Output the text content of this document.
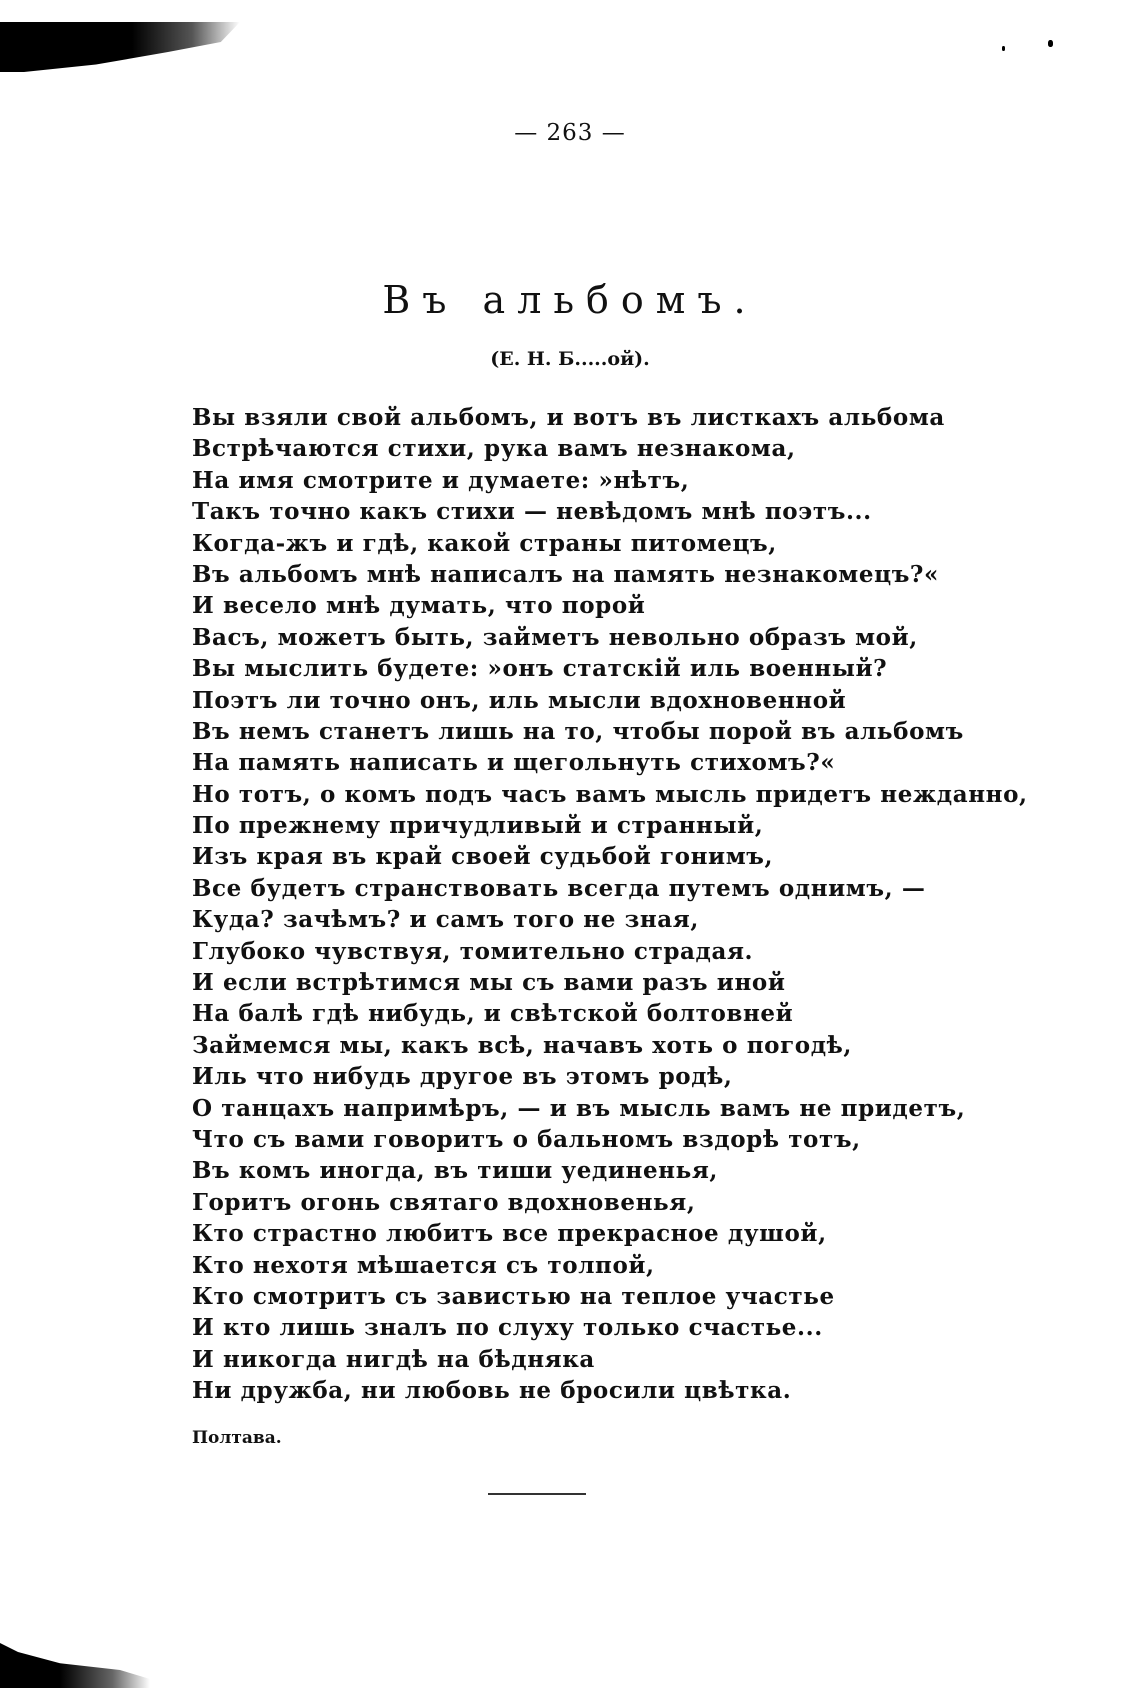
— 263 —
Въ альбомъ.
(Е. Н. Б.....ой).
Вы взяли свой альбомъ, и вотъ въ листкахъ альбома
Встрѣчаются стихи, рука вамъ незнакома,
На имя смотрите и думаете: »нѣтъ,
Такъ точно какъ стихи — невѣдомъ мнѣ поэтъ...
Когда-жъ и гдѣ, какой страны питомецъ,
Въ альбомъ мнѣ написалъ на память незнакомецъ?«
И весело мнѣ думать, что порой
Васъ, можетъ быть, займетъ невольно образъ мой,
Вы мыслить будете: »онъ статскій иль военный?
Поэтъ ли точно онъ, иль мысли вдохновенной
Въ немъ станетъ лишь на то, чтобы порой въ альбомъ
На память написать и щегольнуть стихомъ?«
Но тотъ, о комъ подъ часъ вамъ мысль придетъ нежданно,
По прежнему причудливый и странный,
Изъ края въ край своей судьбой гонимъ,
Все будетъ странствовать всегда путемъ однимъ, —
Куда? зачѣмъ? и самъ того не зная,
Глубоко чувствуя, томительно страдая.
И если встрѣтимся мы съ вами разъ иной
На балѣ гдѣ нибудь, и свѣтской болтовней
Займемся мы, какъ всѣ, начавъ хоть о погодѣ,
Иль что нибудь другое въ этомъ родѣ,
О танцахъ напримѣръ, — и въ мысль вамъ не придетъ,
Что съ вами говоритъ о бальномъ вздорѣ тотъ,
Въ комъ иногда, въ тиши уединенья,
Горитъ огонь святаго вдохновенья,
Кто страстно любитъ все прекрасное душой,
Кто нехотя мѣшается съ толпой,
Кто смотритъ съ завистью на теплое участье
И кто лишь зналъ по слуху только счастье...
И никогда нигдѣ на бѣдняка
Ни дружба, ни любовь не бросили цвѣтка.
Полтава.
